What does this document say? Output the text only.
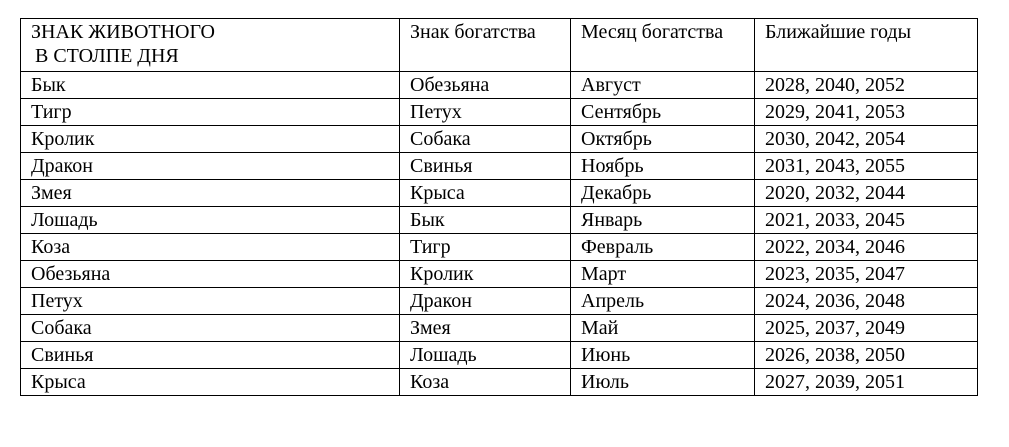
ЗНАК ЖИВОТНОГО
В СТОЛПЕ ДНЯ	Знак богатства	Месяц богатства	Ближайшие годы
Бык	Обезьяна	Август	2028, 2040, 2052
Тигр	Петух	Сентябрь	2029, 2041, 2053
Кролик	Собака	Октябрь	2030, 2042, 2054
Дракон	Свинья	Ноябрь	2031, 2043, 2055
Змея	Крыса	Декабрь	2020, 2032, 2044
Лошадь	Бык	Январь	2021, 2033, 2045
Коза	Тигр	Февраль	2022, 2034, 2046
Обезьяна	Кролик	Март	2023, 2035, 2047
Петух	Дракон	Апрель	2024, 2036, 2048
Собака	Змея	Май	2025, 2037, 2049
Свинья	Лошадь	Июнь	2026, 2038, 2050
Крыса	Коза	Июль	2027, 2039, 2051
